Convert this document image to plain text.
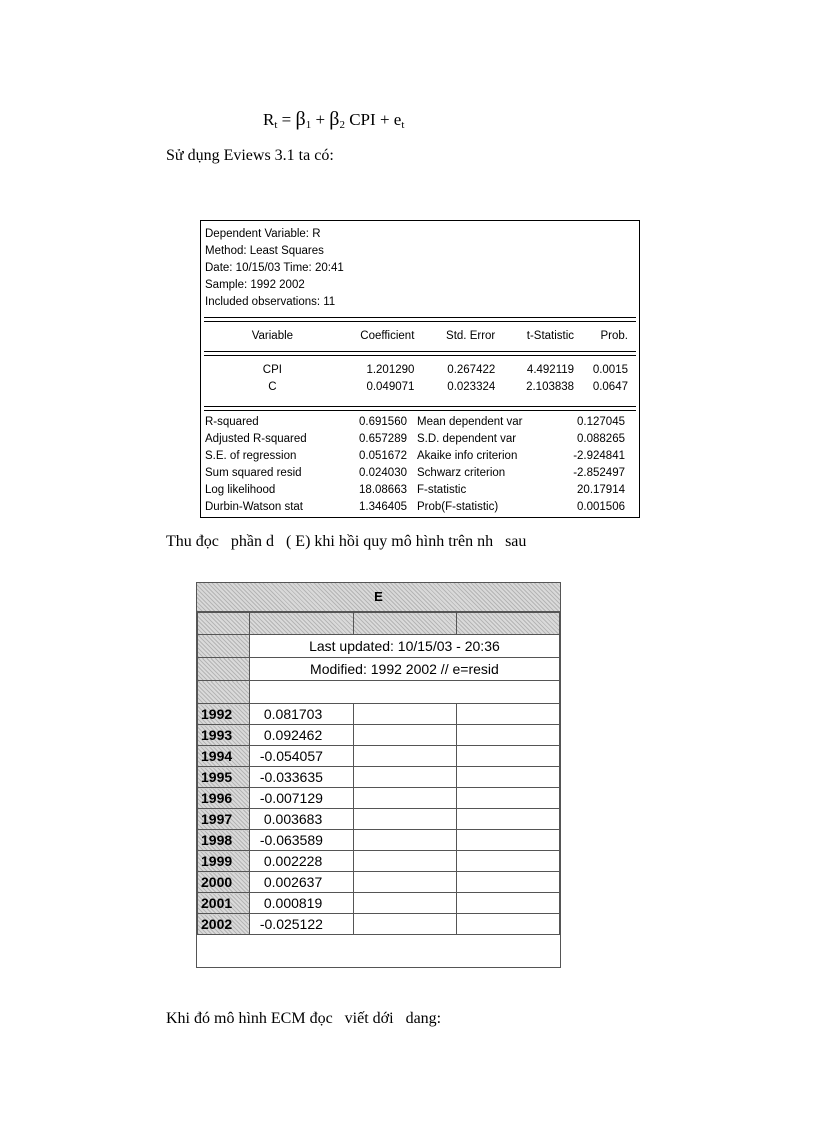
$R_t = \beta_1 + \beta_2$ CPI + $e_t$
Sử dụng Eviews 3.1 ta có:
Dependent Variable: R
Method: Least Squares
Date: 10/15/03 Time: 20:41
Sample: 1992 2002
Included observations: 11
Variable	Coefficient	Std. Error	t-Statistic	Prob.
CPI	1.201290	0.267422	4.492119	0.0015
C	0.049071	0.023324	2.103838	0.0647
R-squared	0.691560		Mean dependent var	0.127045
Adjusted R-squared	0.657289		S.D. dependent var	0.088265
S.E. of regression	0.051672		Akaike info criterion	-2.924841
Sum squared resid	0.024030		Schwarz criterion	-2.852497
Log likelihood	18.08663		F-statistic	20.17914
Durbin-Watson stat	1.346405		Prob(F-statistic)	0.001506
Thu đọc   phần d   ( E) khi hồi quy mô hình trên nh   sau
E

	Last updated: 10/15/03 - 20:36		
	Modified: 1992 2002 // e=resid		

1992	0.081703		
1993	0.092462		
1994	-0.054057		
1995	-0.033635		
1996	-0.007129		
1997	0.003683		
1998	-0.063589		
1999	0.002228		
2000	0.002637		
2001	0.000819		
2002	-0.025122		
Khi đó mô hình ECM đọc   viết dới   dang:
